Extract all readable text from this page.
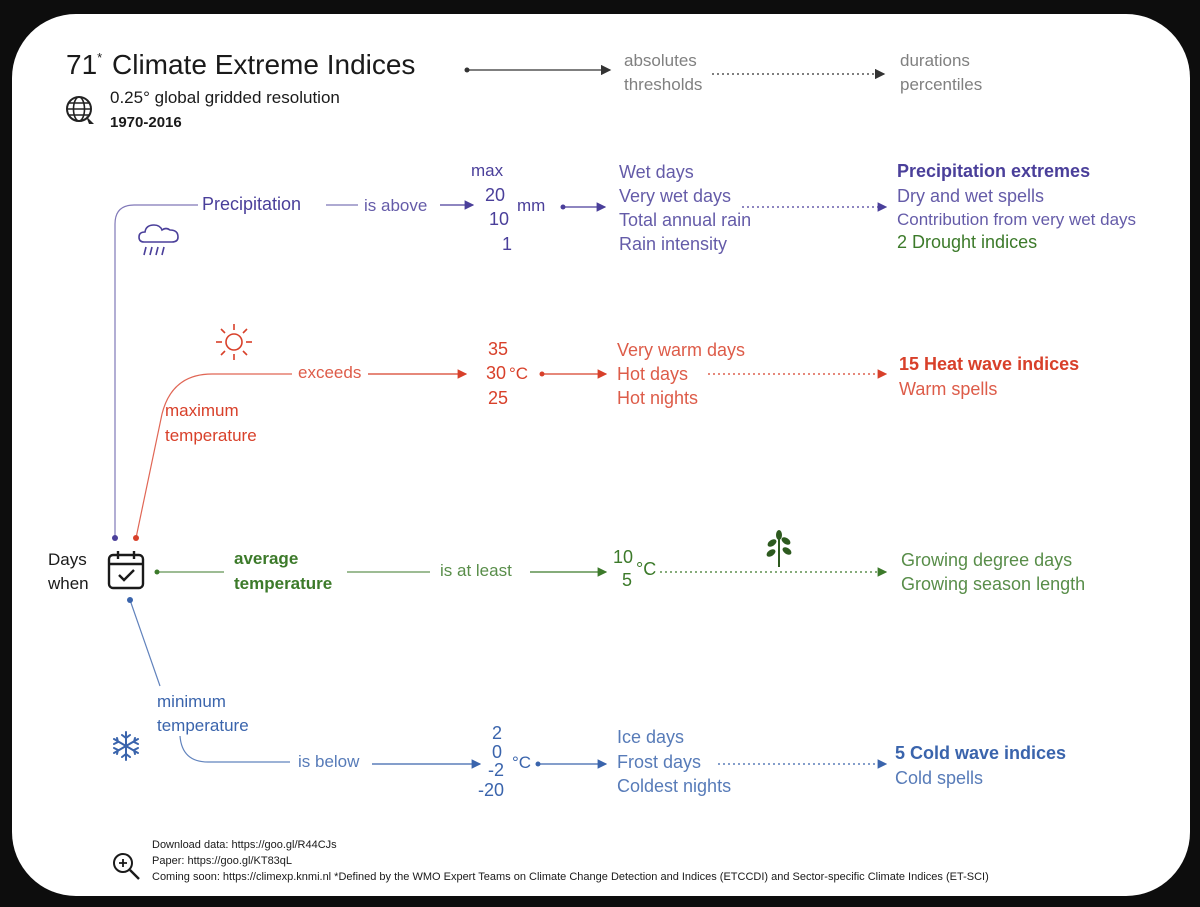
71* Climate Extreme Indices
0.25° global gridded resolution
1970-2016
absolutes
thresholds
durations
percentiles
Precipitation	is above
max
20
10
1
mm
Wet days
Very wet days
Total annual rain
Rain intensity
Precipitation extremes
Dry and wet spells
Contribution from very wet days
2 Drought indices
exceeds
maximum
temperature
35
30
25
°C
Very warm days
Hot days
Hot nights
15 Heat wave indices
Warm spells
Days
when
average
temperature
is at least
10
5
°C	Growing degree days
Growing season length
minimum
temperature
is below
2
0
-2
-20
°C
Ice days
Frost days
Coldest nights
5 Cold wave indices
Cold spells
Download data: https://goo.gl/R44CJs
Paper: https://goo.gl/KT83qL
Coming soon: https://climexp.knmi.nl *Defined by the WMO Expert Teams on Climate Change Detection and Indices (ETCCDI) and Sector-specific Climate Indices (ET-SCI)
